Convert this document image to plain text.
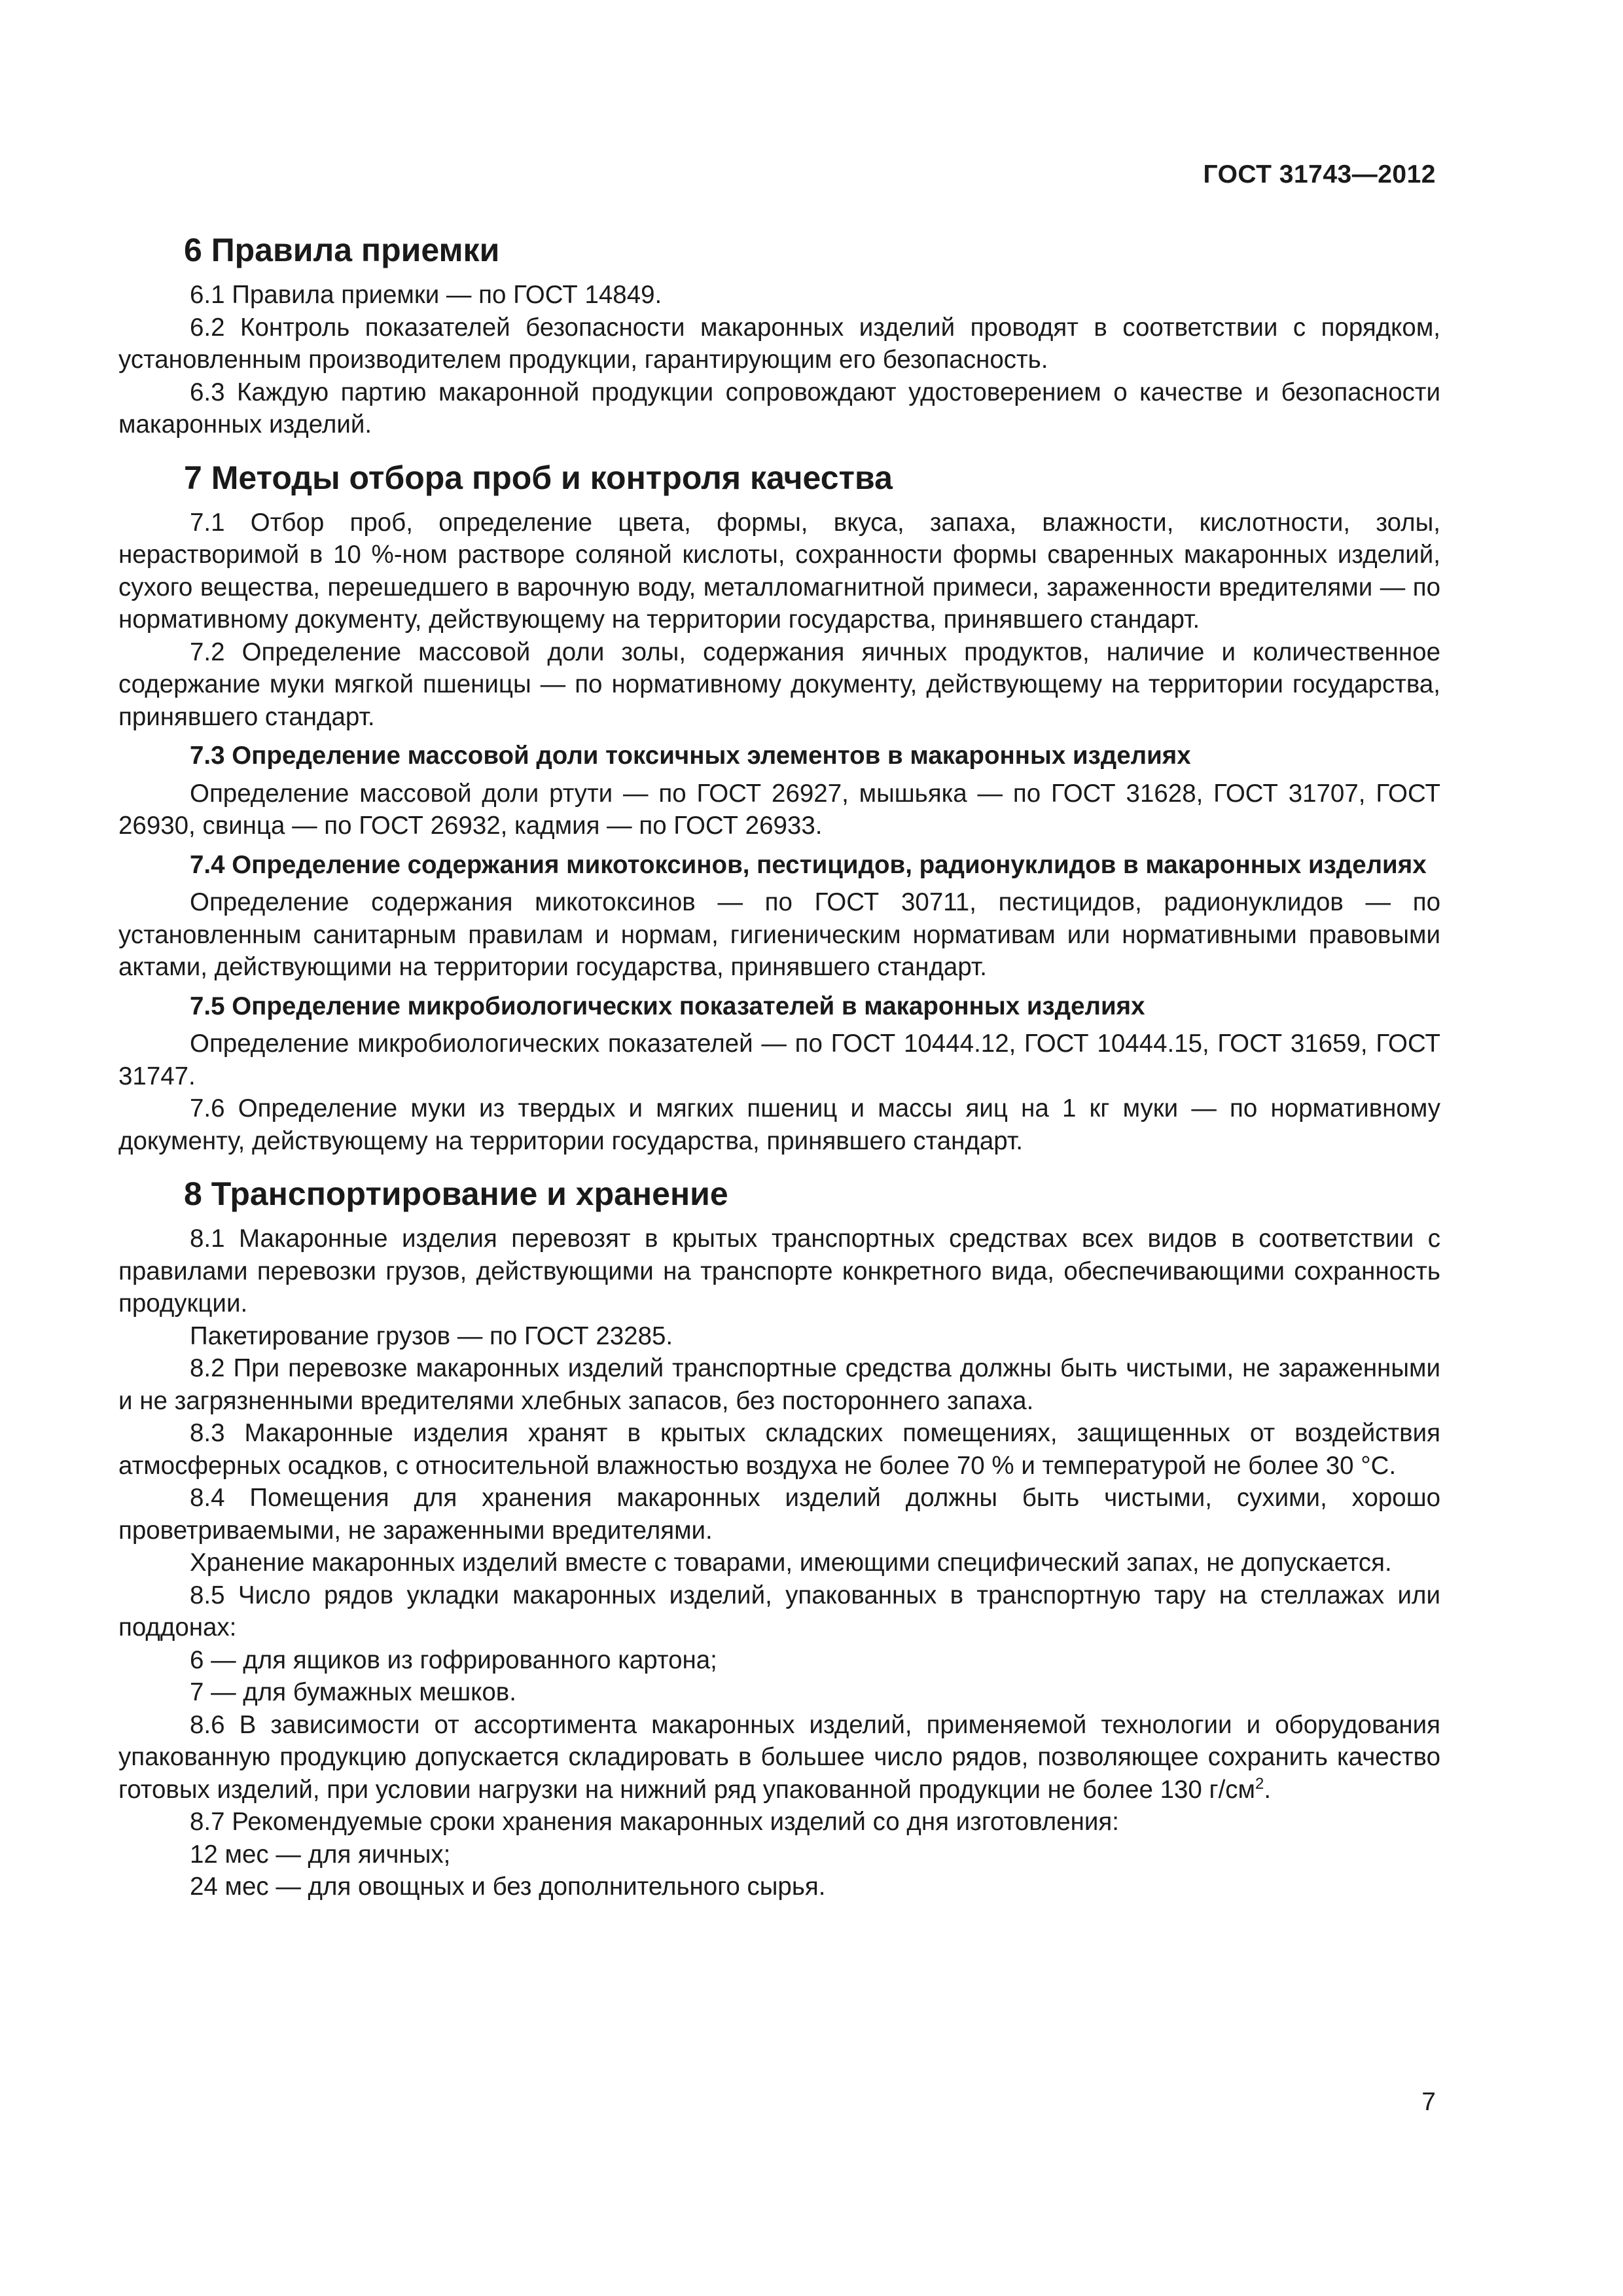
ГОСТ 31743—2012
6 Правила приемки

6.1 Правила приемки — по ГОСТ 14849.

6.2 Контроль показателей безопасности макаронных изделий проводят в соответствии с порядком, установленным производителем продукции, гарантирующим его безопасность.

6.3 Каждую партию макаронной продукции сопровождают удостоверением о качестве и безопасности макаронных изделий.

7 Методы отбора проб и контроля качества

7.1 Отбор проб, определение цвета, формы, вкуса, запаха, влажности, кислотности, золы, нерастворимой в 10 %-ном растворе соляной кислоты, сохранности формы сваренных макаронных изделий, сухого вещества, перешедшего в варочную воду, металломагнитной примеси, зараженности вредителями — по нормативному документу, действующему на территории государства, принявшего стандарт.

7.2 Определение массовой доли золы, содержания яичных продуктов, наличие и количественное содержание муки мягкой пшеницы — по нормативному документу, действующему на территории государства, принявшего стандарт.

7.3 Определение массовой доли токсичных элементов в макаронных изделиях

Определение массовой доли ртути — по ГОСТ 26927, мышьяка — по ГОСТ 31628, ГОСТ 31707, ГОСТ 26930, свинца — по ГОСТ 26932, кадмия — по ГОСТ 26933.

7.4 Определение содержания микотоксинов, пестицидов, радионуклидов в макаронных изделиях

Определение содержания микотоксинов — по ГОСТ 30711, пестицидов, радионуклидов — по установленным санитарным правилам и нормам, гигиеническим нормативам или нормативными правовыми актами, действующими на территории государства, принявшего стандарт.

7.5 Определение микробиологических показателей в макаронных изделиях

Определение микробиологических показателей — по ГОСТ 10444.12, ГОСТ 10444.15, ГОСТ 31659, ГОСТ 31747.

7.6 Определение муки из твердых и мягких пшениц и массы яиц на 1 кг муки — по нормативному документу, действующему на территории государства, принявшего стандарт.

8 Транспортирование и хранение

8.1 Макаронные изделия перевозят в крытых транспортных средствах всех видов в соответствии с правилами перевозки грузов, действующими на транспорте конкретного вида, обеспечивающими сохранность продукции.

Пакетирование грузов — по ГОСТ 23285.

8.2 При перевозке макаронных изделий транспортные средства должны быть чистыми, не зараженными и не загрязненными вредителями хлебных запасов, без постороннего запаха.

8.3 Макаронные изделия хранят в крытых складских помещениях, защищенных от воздействия атмосферных осадков, с относительной влажностью воздуха не более 70 % и температурой не более 30 °С.

8.4 Помещения для хранения макаронных изделий должны быть чистыми, сухими, хорошо проветриваемыми, не зараженными вредителями.

Хранение макаронных изделий вместе с товарами, имеющими специфический запах, не допускается.

8.5 Число рядов укладки макаронных изделий, упакованных в транспортную тару на стеллажах или поддонах:

6 — для ящиков из гофрированного картона;

7 — для бумажных мешков.

8.6 В зависимости от ассортимента макаронных изделий, применяемой технологии и оборудования упакованную продукцию допускается складировать в большее число рядов, позволяющее сохранить качество готовых изделий, при условии нагрузки на нижний ряд упакованной продукции не более 130 $г/см^2$.

8.7 Рекомендуемые сроки хранения макаронных изделий со дня изготовления:

12 мес — для яичных;

24 мес — для овощных и без дополнительного сырья.

7
